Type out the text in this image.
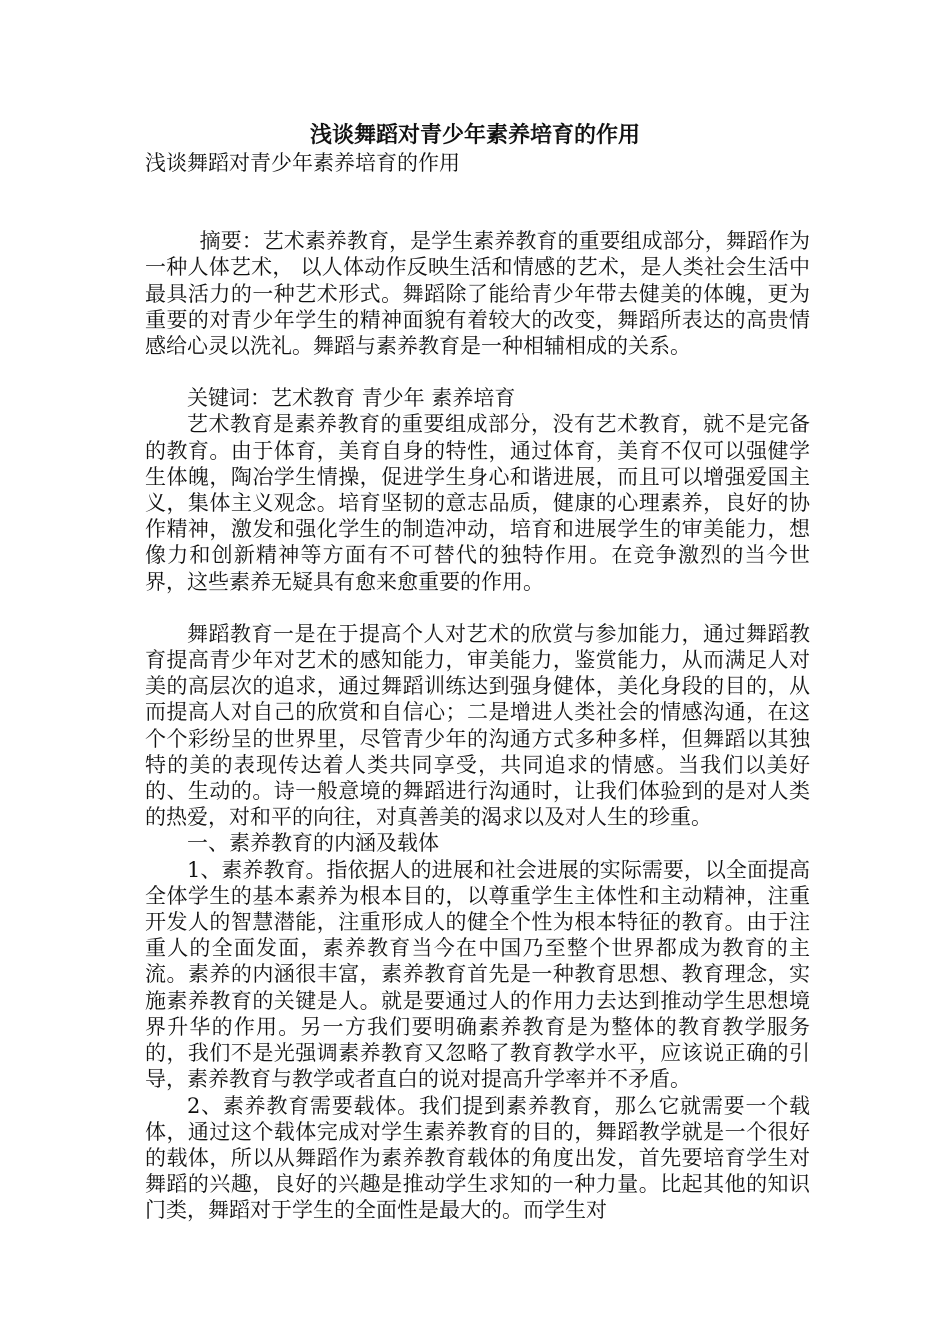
浅谈舞蹈对青少年素养培育的作用

浅谈舞蹈对青少年素养培育的作用

摘要：艺术素养教育，是学生素养教育的重要组成部分，舞蹈作为一种人体艺术， 以人体动作反映生活和情感的艺术，是人类社会生活中最具活力的一种艺术形式。舞蹈除了能给青少年带去健美的体魄，更为重要的对青少年学生的精神面貌有着较大的改变，舞蹈所表达的高贵情感给心灵以洗礼。舞蹈与素养教育是一种相辅相成的关系。

关键词：艺术教育 青少年 素养培育

艺术教育是素养教育的重要组成部分，没有艺术教育，就不是完备的教育。由于体育，美育自身的特性，通过体育，美育不仅可以强健学生体魄，陶冶学生情操，促进学生身心和谐进展，而且可以增强爱国主义，集体主义观念。培育坚韧的意志品质，健康的心理素养，良好的协作精神，激发和强化学生的制造冲动，培育和进展学生的审美能力，想像力和创新精神等方面有不可替代的独特作用。在竞争激烈的当今世界，这些素养无疑具有愈来愈重要的作用。

舞蹈教育一是在于提高个人对艺术的欣赏与参加能力，通过舞蹈教育提高青少年对艺术的感知能力，审美能力，鉴赏能力，从而满足人对美的高层次的追求，通过舞蹈训练达到强身健体，美化身段的目的，从而提高人对自己的欣赏和自信心；二是增进人类社会的情感沟通，在这个个彩纷呈的世界里，尽管青少年的沟通方式多种多样，但舞蹈以其独特的美的表现传达着人类共同享受，共同追求的情感。当我们以美好的、生动的。诗一般意境的舞蹈进行沟通时，让我们体验到的是对人类的热爱，对和平的向往，对真善美的渴求以及对人生的珍重。

一、素养教育的内涵及载体

1、素养教育。指依据人的进展和社会进展的实际需要，以全面提高全体学生的基本素养为根本目的，以尊重学生主体性和主动精神，注重开发人的智慧潜能，注重形成人的健全个性为根本特征的教育。由于注重人的全面发面，素养教育当今在中国乃至整个世界都成为教育的主流。素养的内涵很丰富，素养教育首先是一种教育思想、教育理念，实施素养教育的关键是人。就是要通过人的作用力去达到推动学生思想境界升华的作用。另一方我们要明确素养教育是为整体的教育教学服务的，我们不是光强调素养教育又忽略了教育教学水平，应该说正确的引导，素养教育与教学或者直白的说对提高升学率并不矛盾。

2、素养教育需要载体。我们提到素养教育，那么它就需要一个载体，通过这个载体完成对学生素养教育的目的，舞蹈教学就是一个很好的载体，所以从舞蹈作为素养教育载体的角度出发，首先要培育学生对舞蹈的兴趣，良好的兴趣是推动学生求知的一种力量。比起其他的知识门类，舞蹈对于学生的全面性是最大的。而学生对
